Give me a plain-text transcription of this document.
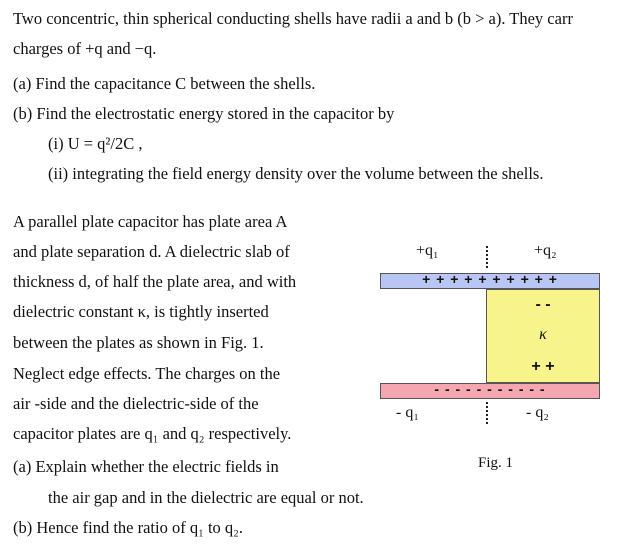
Two concentric, thin spherical conducting shells have radii a and b (b > a). They carr
charges of +q and −q.
(a) Find the capacitance C between the shells.
(b) Find the electrostatic energy stored in the capacitor by
(i) U = q²/2C ,
(ii) integrating the field energy density over the volume between the shells.
A parallel plate capacitor has plate area A
and plate separation d. A dielectric slab of
thickness d, of half the plate area, and with
dielectric constant κ, is tightly inserted
between the plates as shown in Fig. 1.
Neglect edge effects. The charges on the
air -side and the dielectric-side of the
capacitor plates are q₁ and q₂ respectively.
(a) Explain whether the electric fields in
the air gap and in the dielectric are equal or not.
(b) Hence find the ratio of q₁ to q₂.
+q₁	+q₂
+ + + + + + + + + +
- -
κ
+ +
- - - - - - - - - - -
- q₁	- q₂
Fig. 1
